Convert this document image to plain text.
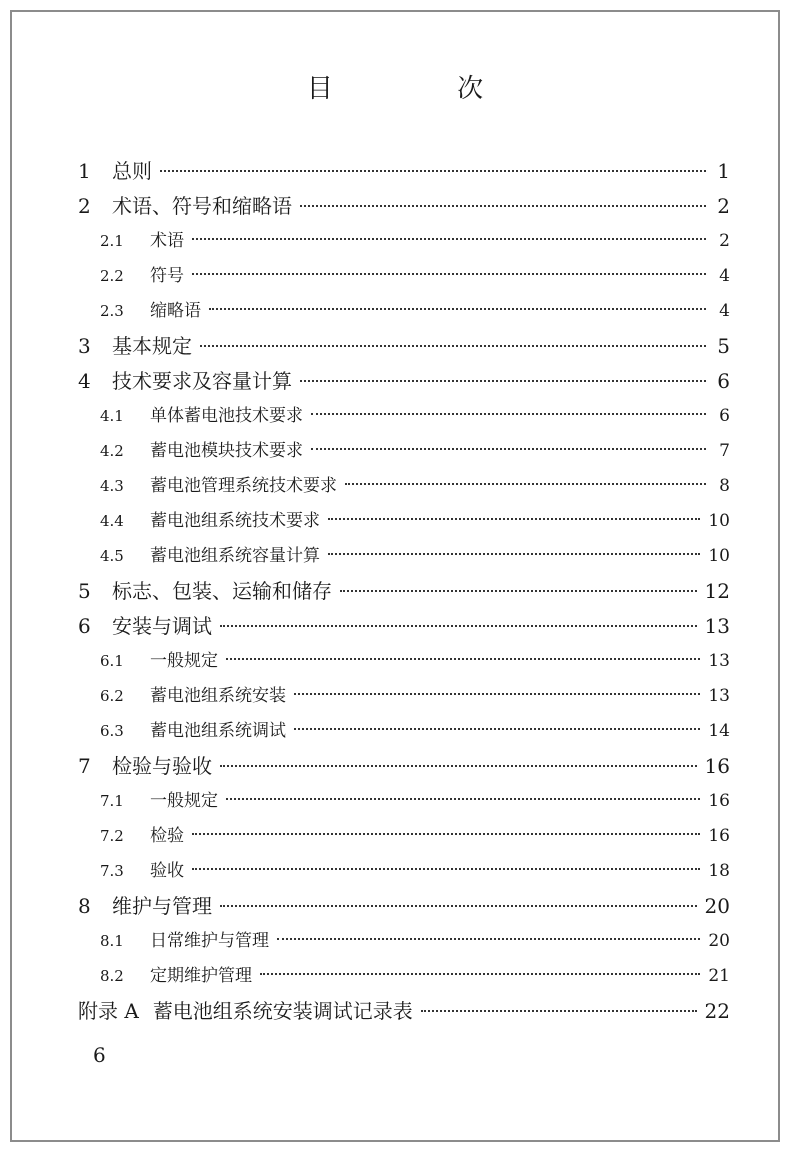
目 次
1	总则	1
2	术语、符号和缩略语	2
2.1	术语	2
2.2	符号	4
2.3	缩略语	4
3	基本规定	5
4	技术要求及容量计算	6
4.1	单体蓄电池技术要求	6
4.2	蓄电池模块技术要求	7
4.3	蓄电池管理系统技术要求	8
4.4	蓄电池组系统技术要求	10
4.5	蓄电池组系统容量计算	10
5	标志、包装、运输和储存	12
6	安装与调试	13
6.1	一般规定	13
6.2	蓄电池组系统安装	13
6.3	蓄电池组系统调试	14
7	检验与验收	16
7.1	一般规定	16
7.2	检验	16
7.3	验收	18
8	维护与管理	20
8.1	日常维护与管理	20
8.2	定期维护管理	21
附录 A 蓄电池组系统安装调试记录表	22
6
